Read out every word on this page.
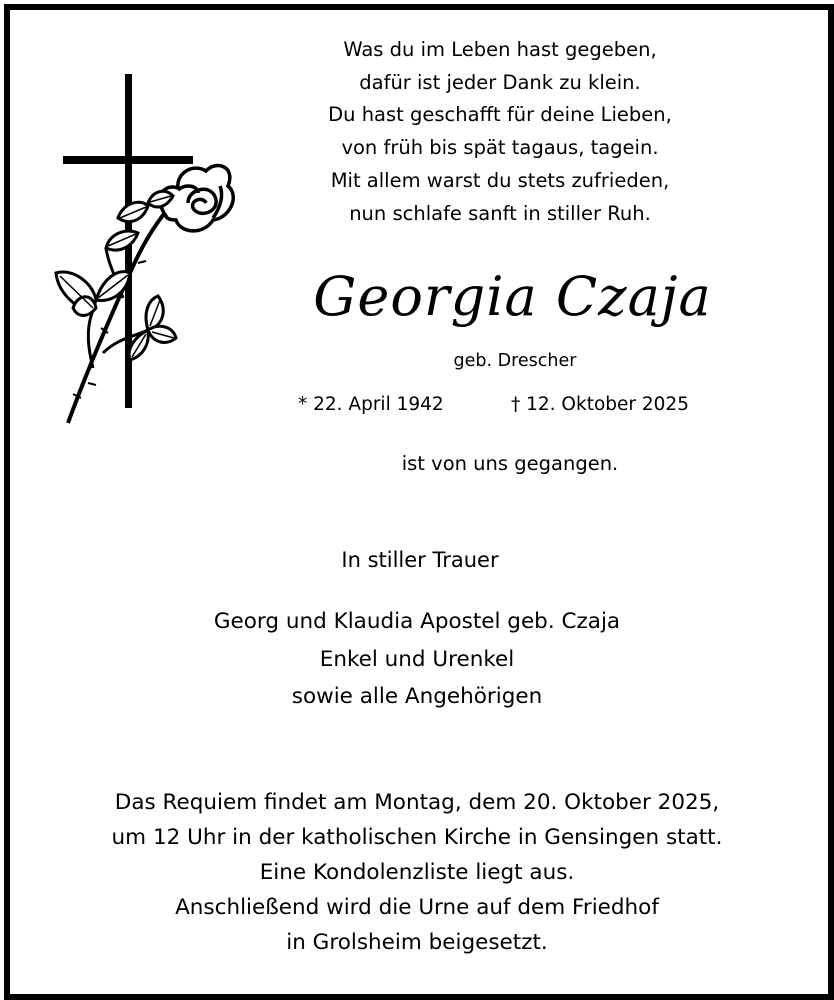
Was du im Leben hast gegeben,
dafür ist jeder Dank zu klein.
Du hast geschafft für deine Lieben,
von früh bis spät tagaus, tagein.
Mit allem warst du stets zufrieden,
nun schlafe sanft in stiller Ruh.
Georgia Czaja
geb. Drescher
* 22. April 1942	† 12. Oktober 2025
ist von uns gegangen.
In stiller Trauer
Georg und Klaudia Apostel geb. Czaja
Enkel und Urenkel
sowie alle Angehörigen
Das Requiem findet am Montag, dem 20. Oktober 2025,
um 12 Uhr in der katholischen Kirche in Gensingen statt.
Eine Kondolenzliste liegt aus.
Anschließend wird die Urne auf dem Friedhof
in Grolsheim beigesetzt.
